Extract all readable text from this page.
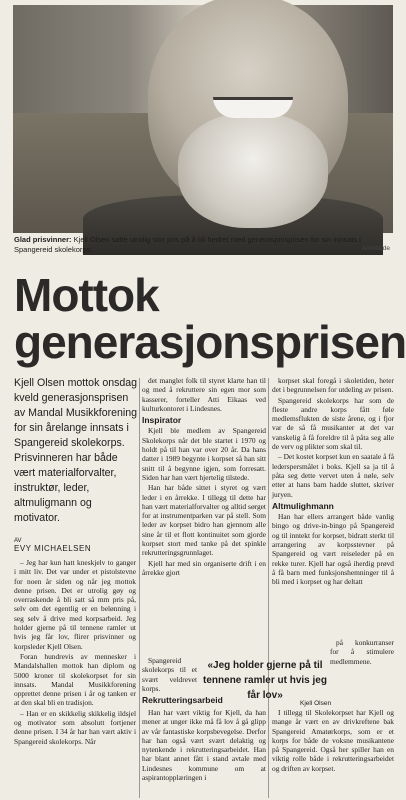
Glad prisvinner: Kjell Olsen satte utrolig stor pris på å bli hedret med generasjonsprisen for sin innsats i Spangereid skolekorps.	Arkivbilde
Mottok generasjonsprisen
Kjell Olsen mottok onsdag kveld generasjonsprisen av Mandal Musikkforening for sin årelange innsats i Spangereid skolekorps. Prisvinneren har både vært materialforvalter, instruktør, leder, altmuligmann og motivator.
AV
EVY MICHAELSEN

– Jeg har kun hatt kneskjelv to ganger i mitt liv. Det var under et pistolstevne for noen år siden og når jeg mottok denne prisen. Det er utrolig gøy og overraskende å bli satt så mm pris på, selv om det egentlig er en belønning i seg selv å drive med korpsarbeid. Jeg holder gjerne på til tennene ramler ut hvis jeg får lov, flirer prisvinner og korpsleder Kjell Olsen.

Foran hundrevis av mennesker i Mandalshallen mottok han diplom og 5000 kroner til skolekorpset for sin innsats. Mandal Musikkforening opprettet denne prisen i år og tanken er at den skal bli en tradisjon.

– Han er en skikkelig skikkelig ildsjel og motivator som absolutt fortjener denne prisen. I 34 år har han vært aktiv i Spangereid skolekorps. Når

det manglet folk til styret klarte han til og med å rekruttere sin egen mor som kasserer, forteller Atti Eikaas ved kulturkontoret i Lindesnes.

Inspirator

Kjell ble medlem av Spangereid Skolekorps når det ble startet i 1970 og holdt på til han var over 20 år. Da hans datter i 1989 begynte i korpset så han sitt snitt til å begynne igjen, som forresatt. Siden har han vært hjertelig tilstede.

Han har både sittet i styret og vært leder i en årrekke. I tillegg til dette har han vært materialforvalter og alltid sørget for at instrumentparken var på stell. Som leder av korpset bidro han gjennom alle sine år til et flott kontinuitet som gjorde korpset stort med tanke på det spinkle rekrutteringsgrunnlaget.

Kjell har med sin organiserte drift i en årrekke gjort

Spangereid skolekorps til et svært veldrevet korps.

Rekrutteringsarbeid

Han har vært viktig for Kjell, da han mener at unger ikke må få lov å gå glipp av vår fantastiske korpsbevegelse. Derfor har han også vært svært delaktig og nytenkende i rekrutteringsarbeidet. Han har blant annet fått i stand avtale med Lindesnes kommune om at aspirantopplæringen i

korpset skal foregå i skoletiden, heter det i begrunnelsen for utdeling av prisen.

Spangereid skolekorps har som de fleste andre korps fått føle medlemsflukten de siste årene, og i fjor var de så få musikanter at det var vanskelig å få foreldre til å påta seg alle de verv og plikter som skal til.

– Det kostet korpset kun en saatale å få lederspersmålet i boks. Kjell sa ja til å påta seg dette vervet uten å nøle, selv etter at hans barn hadde sluttet, skriver juryen.

Altmulighmann

Han har ellers arrangert både vanlig bingo og drive-in-bingo på Spangereid og til inntekt for korpset, bidratt sterkt til arrangering av korpsstevner på Spangereid og vært reiseleder på en rekke turer. Kjell har også iherdig prøvd å få barn med funksjonshemninger til å bli med i korpset og har deltatt

på konkurranser for å stimulere medlemmene.

I tillegg til Skolekorpset har Kjell og mange år vært en av drivkreftene bak Spangereid Amatørkorps, som er et korps for både de voksne musikantene på Spangereid. Også her spiller han en viktig rolle både i rekrutteringsarbeidet og driften av korpset.

«Jeg holder gjerne på til tennene ramler ut hvis jeg får lov»
Kjell Olsen
